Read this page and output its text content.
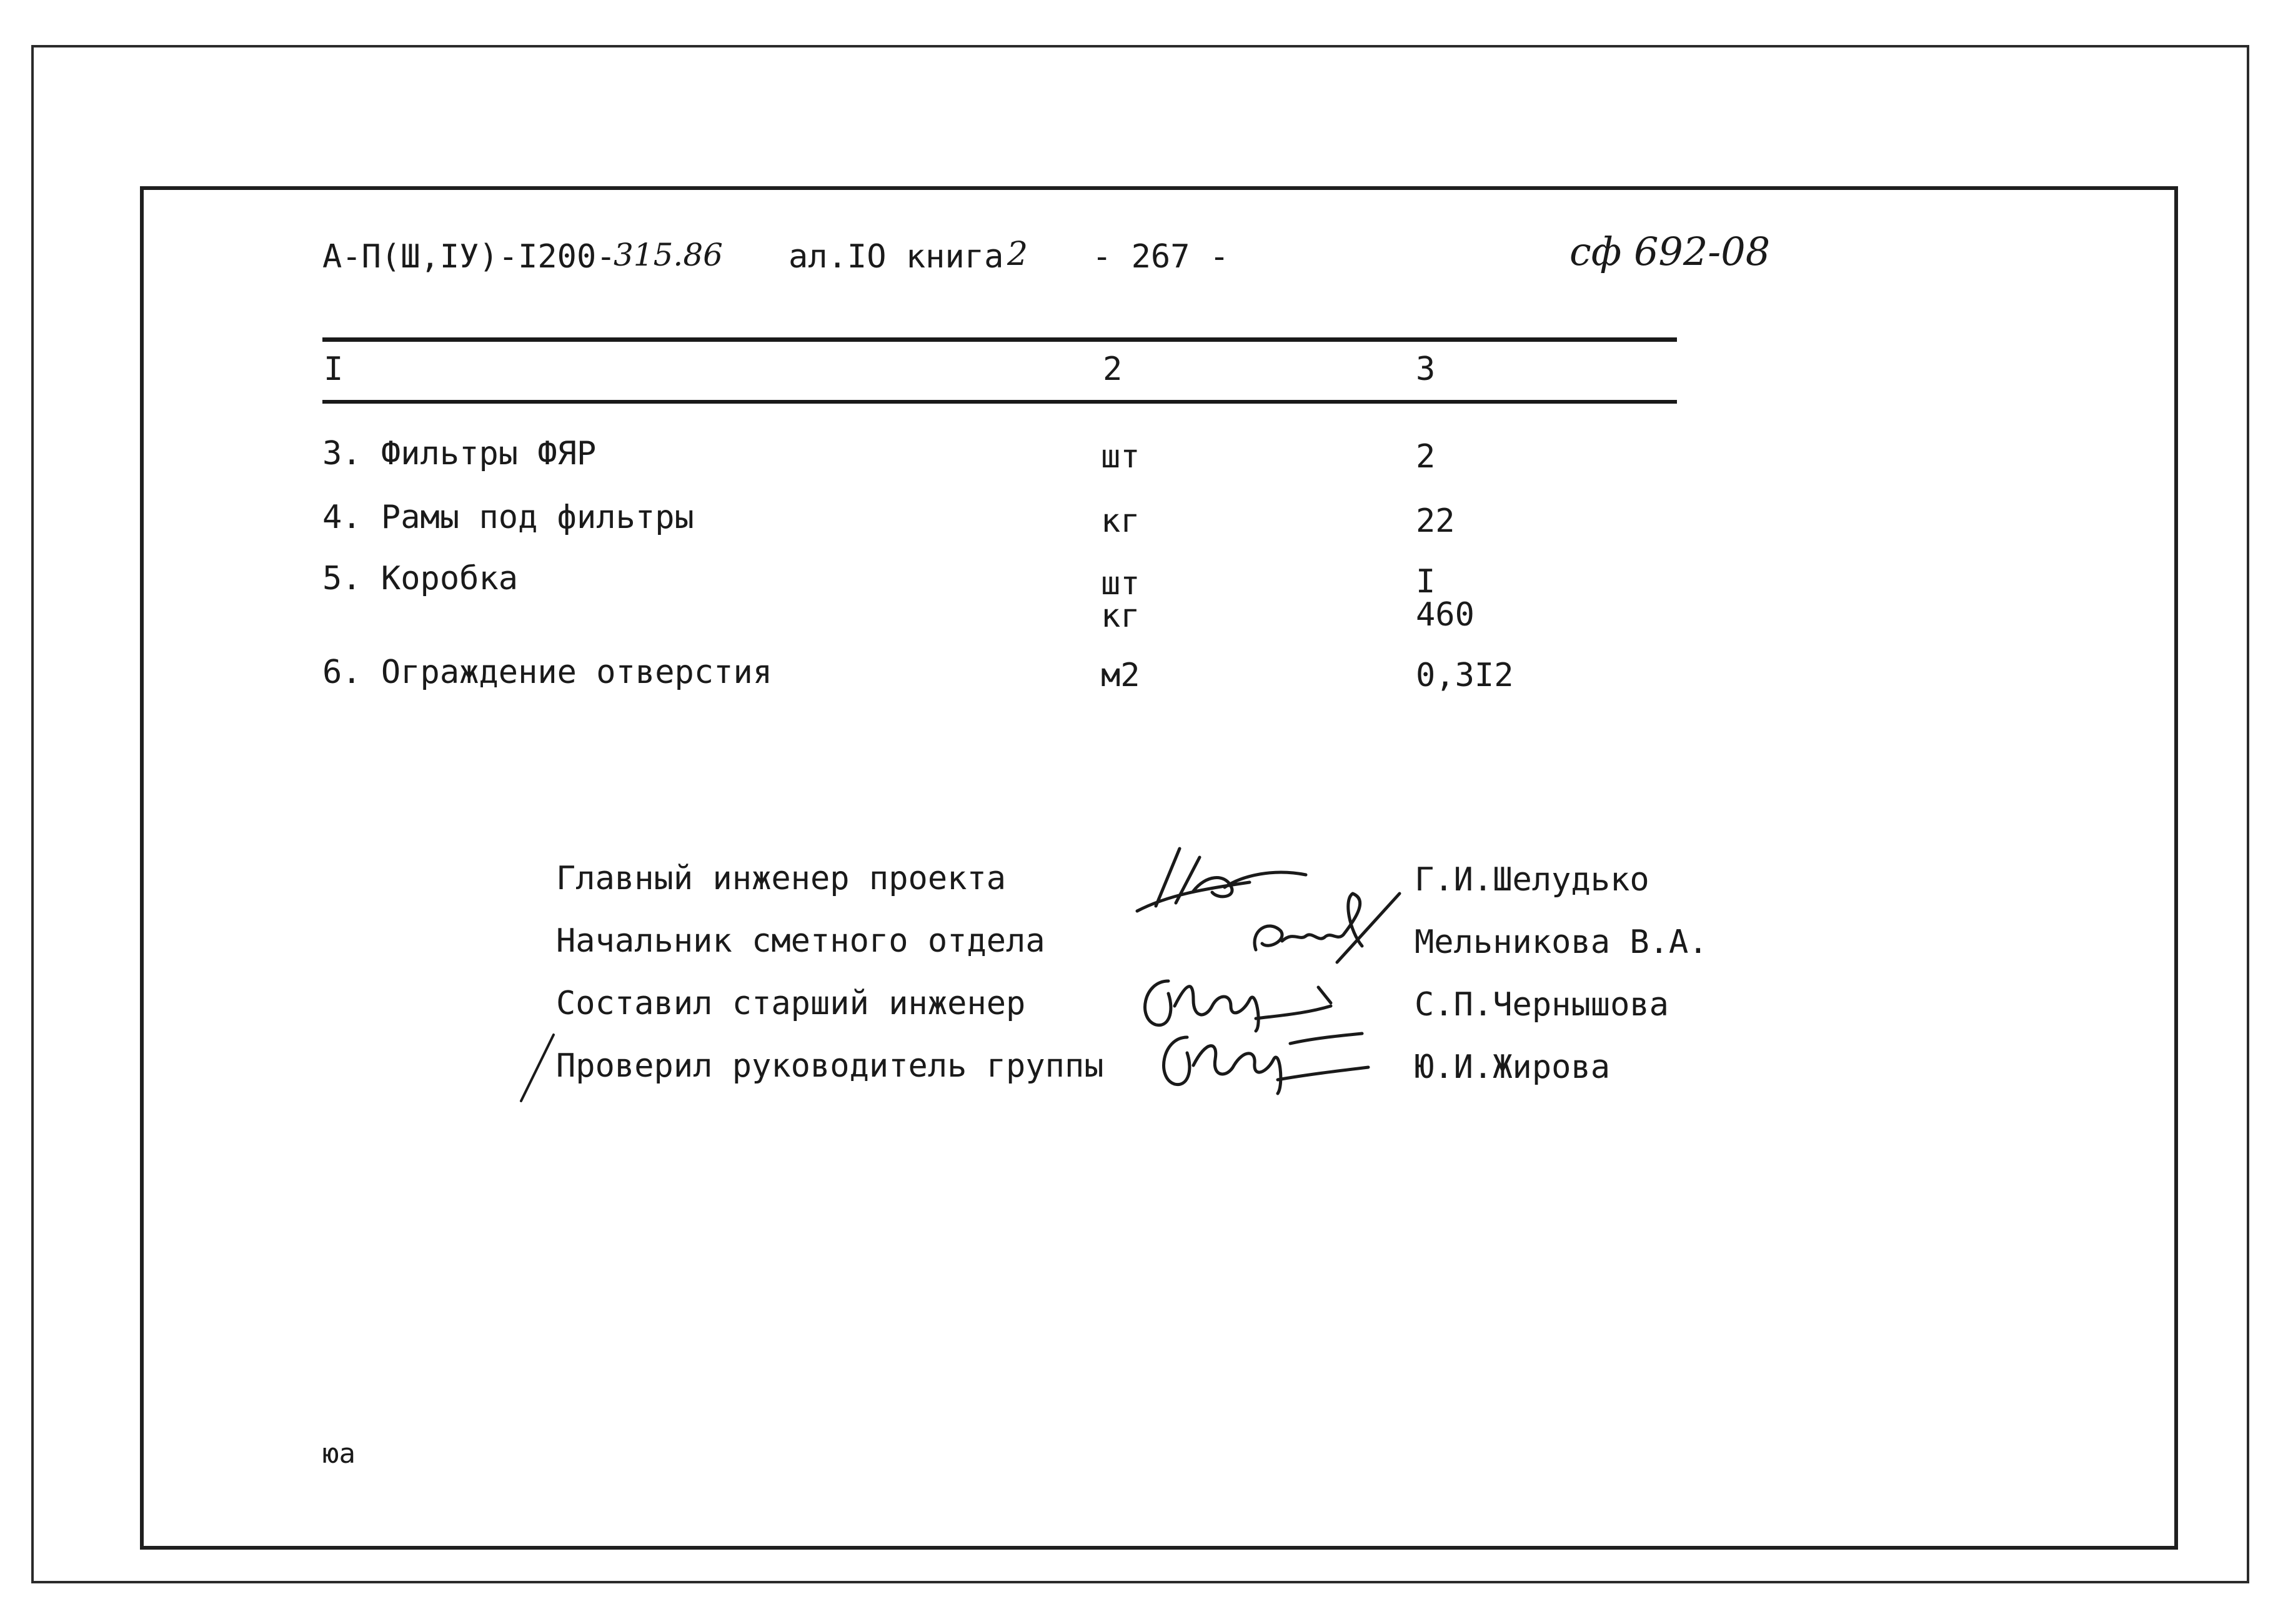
А-П(Ш,IУ)-I200-
315.86 ал.IO книга 2 - 267 -	сф 692-08
I	2	3
3. Фильтры ФЯР	шт	2
4. Рамы под фильтры	кг	22
5. Коробка	шт	I
кг	460
6. Ограждение отверстия	м2	0,3I2
Главный инженер проекта	Г.И.Шелудько
Начальник сметного отдела	Мельникова В.А.
Составил старший инженер	С.П.Чернышова
Проверил руководитель группы	Ю.И.Жирова
юа
